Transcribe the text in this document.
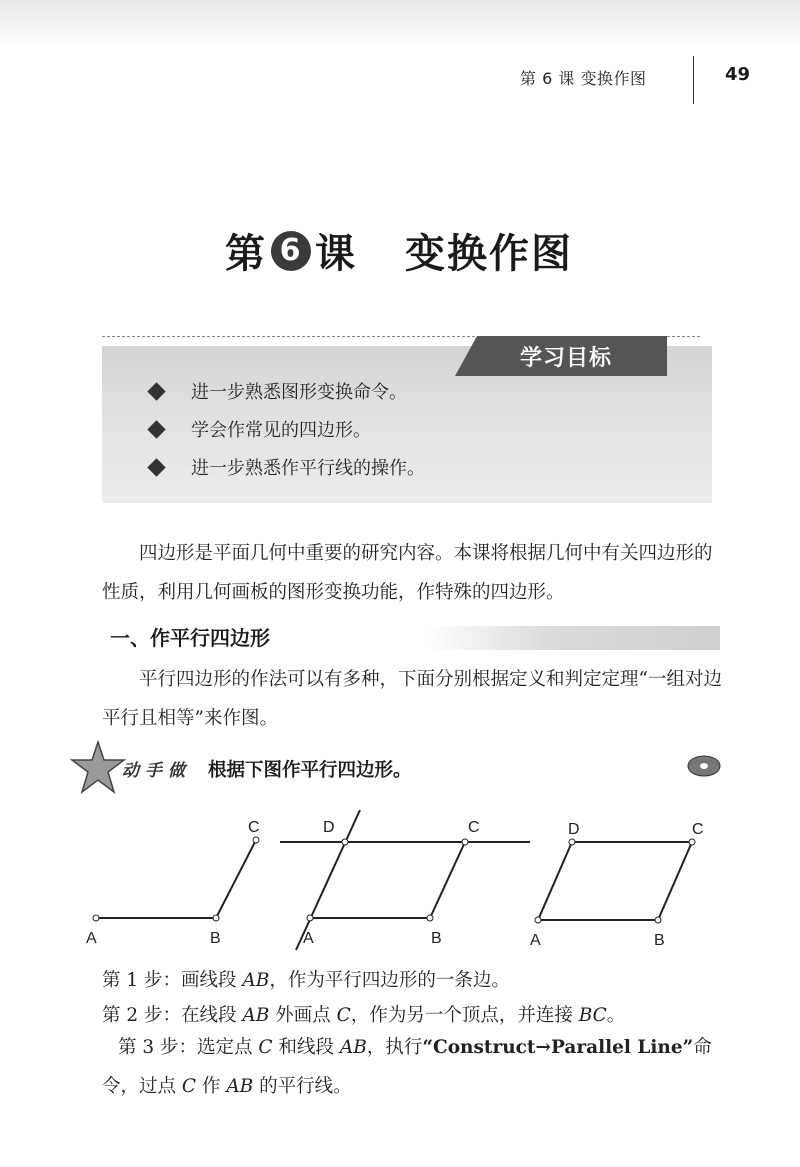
第 6 课 变换作图	49
第 6 课 变换作图
学习目标
进一步熟悉图形变换命令。
学会作常见的四边形。
进一步熟悉作平行线的操作。
四边形是平面几何中重要的研究内容。本课将根据几何中有关四边形的性质，利用几何画板的图形变换功能，作特殊的四边形。
一、作平行四边形
平行四边形的作法可以有多种，下面分别根据定义和判定定理“一组对边平行且相等”来作图。
动手做 根据下图作平行四边形。
A	B
C
A	B
C
D
A	B
C
D
第 1 步：画线段 AB，作为平行四边形的一条边。
第 2 步：在线段 AB 外画点 C，作为另一个顶点，并连接 BC。
第 3 步：选定点 C 和线段 AB，执行“Construct→Parallel Line”命令，过点 C 作 AB 的平行线。
